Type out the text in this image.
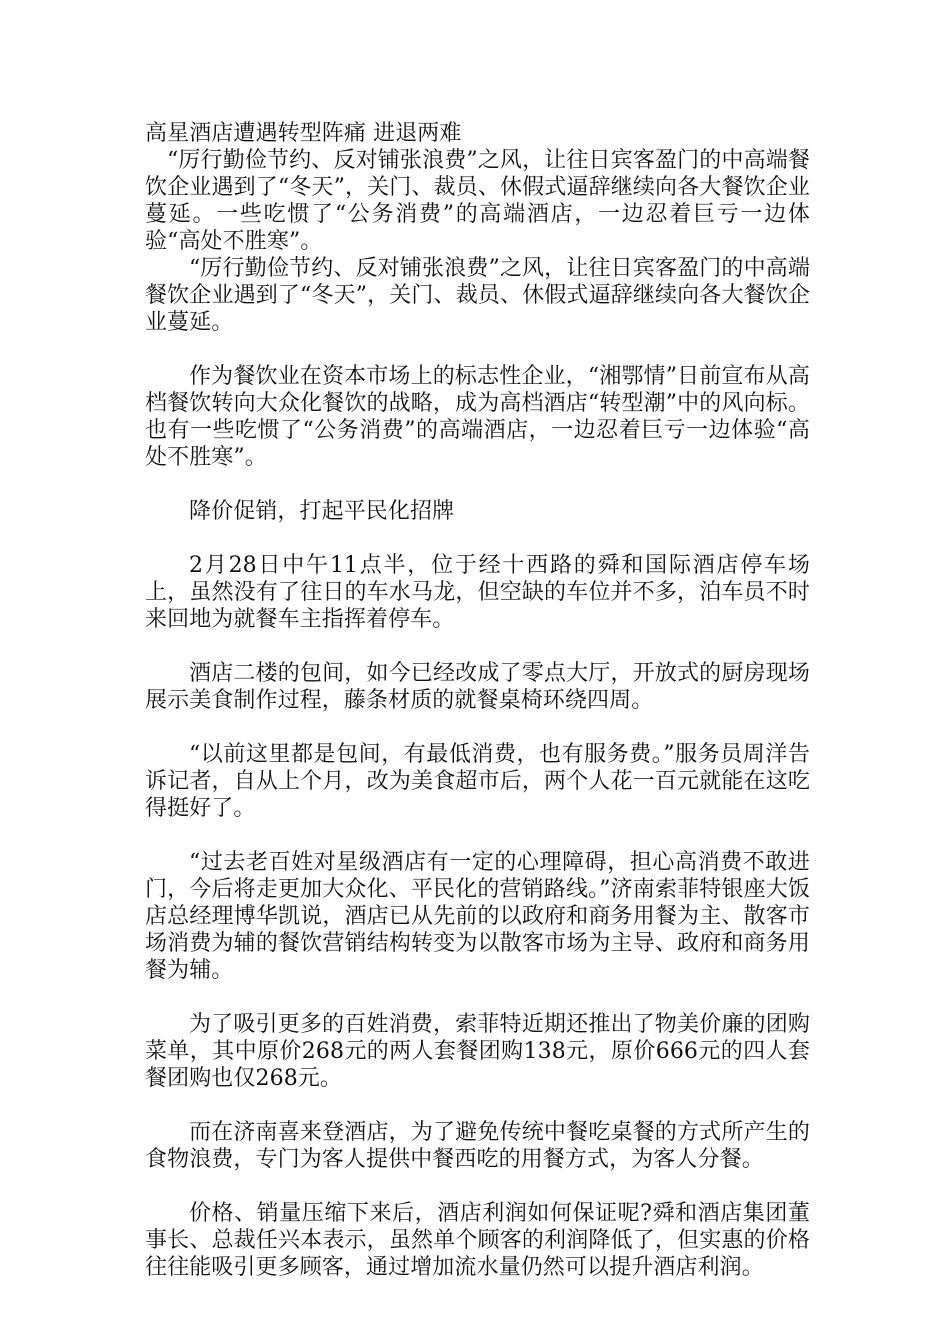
高星酒店遭遇转型阵痛 进退两难

“厉行勤俭节约、反对铺张浪费”之风，让往日宾客盈门的中高端餐饮企业遇到了“冬天”，关门、裁员、休假式逼辞继续向各大餐饮企业蔓延。一些吃惯了“公务消费”的高端酒店，一边忍着巨亏一边体验“高处不胜寒”。

“厉行勤俭节约、反对铺张浪费”之风，让往日宾客盈门的中高端餐饮企业遇到了“冬天”，关门、裁员、休假式逼辞继续向各大餐饮企业蔓延。

作为餐饮业在资本市场上的标志性企业，“湘鄂情”日前宣布从高档餐饮转向大众化餐饮的战略，成为高档酒店“转型潮”中的风向标。也有一些吃惯了“公务消费”的高端酒店，一边忍着巨亏一边体验“高处不胜寒”。

降价促销，打起平民化招牌

2月28日中午11点半，位于经十西路的舜和国际酒店停车场上，虽然没有了往日的车水马龙，但空缺的车位并不多，泊车员不时来回地为就餐车主指挥着停车。

酒店二楼的包间，如今已经改成了零点大厅，开放式的厨房现场展示美食制作过程，藤条材质的就餐桌椅环绕四周。

“以前这里都是包间，有最低消费，也有服务费。”服务员周洋告诉记者，自从上个月，改为美食超市后，两个人花一百元就能在这吃得挺好了。

“过去老百姓对星级酒店有一定的心理障碍，担心高消费不敢进门，今后将走更加大众化、平民化的营销路线。”济南索菲特银座大饭店总经理博华凯说，酒店已从先前的以政府和商务用餐为主、散客市场消费为辅的餐饮营销结构转变为以散客市场为主导、政府和商务用餐为辅。

为了吸引更多的百姓消费，索菲特近期还推出了物美价廉的团购菜单，其中原价268元的两人套餐团购138元，原价666元的四人套餐团购也仅268元。

而在济南喜来登酒店，为了避免传统中餐吃桌餐的方式所产生的食物浪费，专门为客人提供中餐西吃的用餐方式，为客人分餐。

价格、销量压缩下来后，酒店利润如何保证呢?舜和酒店集团董事长、总裁任兴本表示，虽然单个顾客的利润降低了，但实惠的价格往往能吸引更多顾客，通过增加流水量仍然可以提升酒店利润。
